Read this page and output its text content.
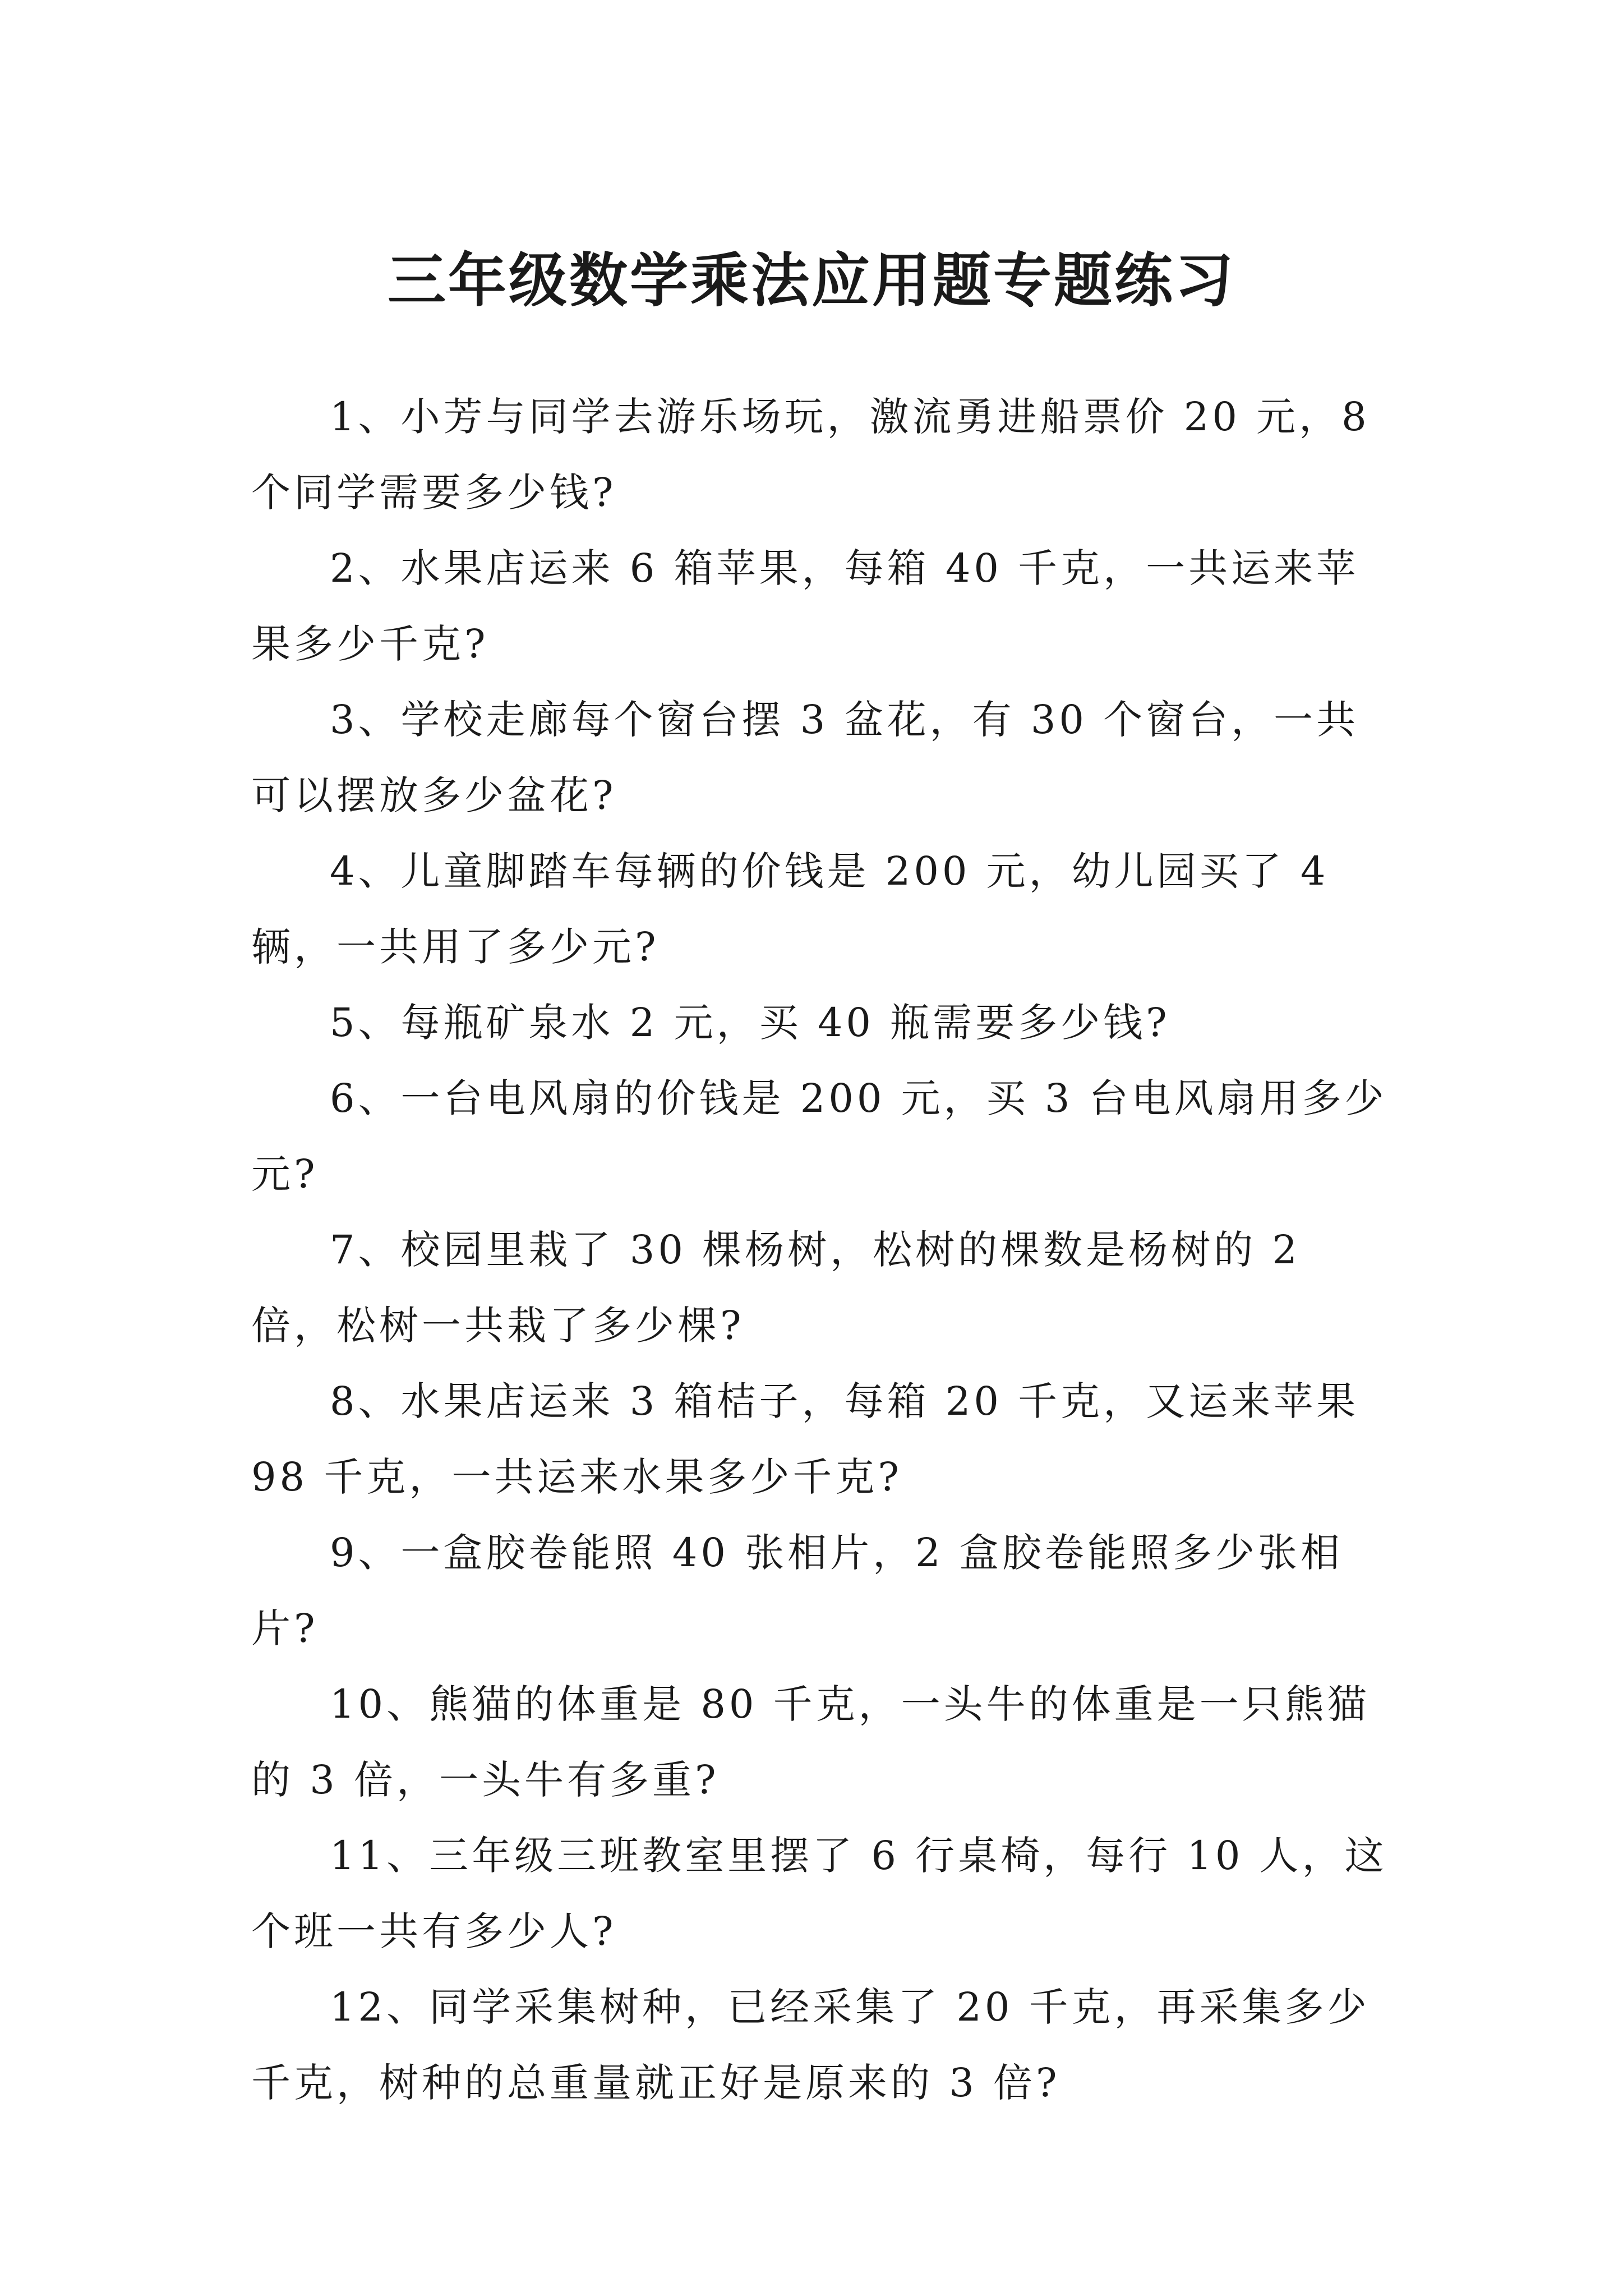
三年级数学乘法应用题专题练习
1、小芳与同学去游乐场玩，激流勇进船票价 20 元，8 个同学需要多少钱?
2、水果店运来 6 箱苹果，每箱 40 千克，一共运来苹果多少千克?
3、学校走廊每个窗台摆 3 盆花，有 30 个窗台，一共可以摆放多少盆花?
4、儿童脚踏车每辆的价钱是 200 元，幼儿园买了 4 辆，一共用了多少元?
5、每瓶矿泉水 2 元，买 40 瓶需要多少钱?
6、一台电风扇的价钱是 200 元，买 3 台电风扇用多少元?
7、校园里栽了 30 棵杨树，松树的棵数是杨树的 2 倍，松树一共栽了多少棵?
8、水果店运来 3 箱桔子，每箱 20 千克，又运来苹果 98 千克，一共运来水果多少千克?
9、一盒胶卷能照 40 张相片，2 盒胶卷能照多少张相片?
10、熊猫的体重是 80 千克，一头牛的体重是一只熊猫的 3 倍，一头牛有多重?
11、三年级三班教室里摆了 6 行桌椅，每行 10 人，这个班一共有多少人?
12、同学采集树种，已经采集了 20 千克，再采集多少千克，树种的总重量就正好是原来的 3 倍?
